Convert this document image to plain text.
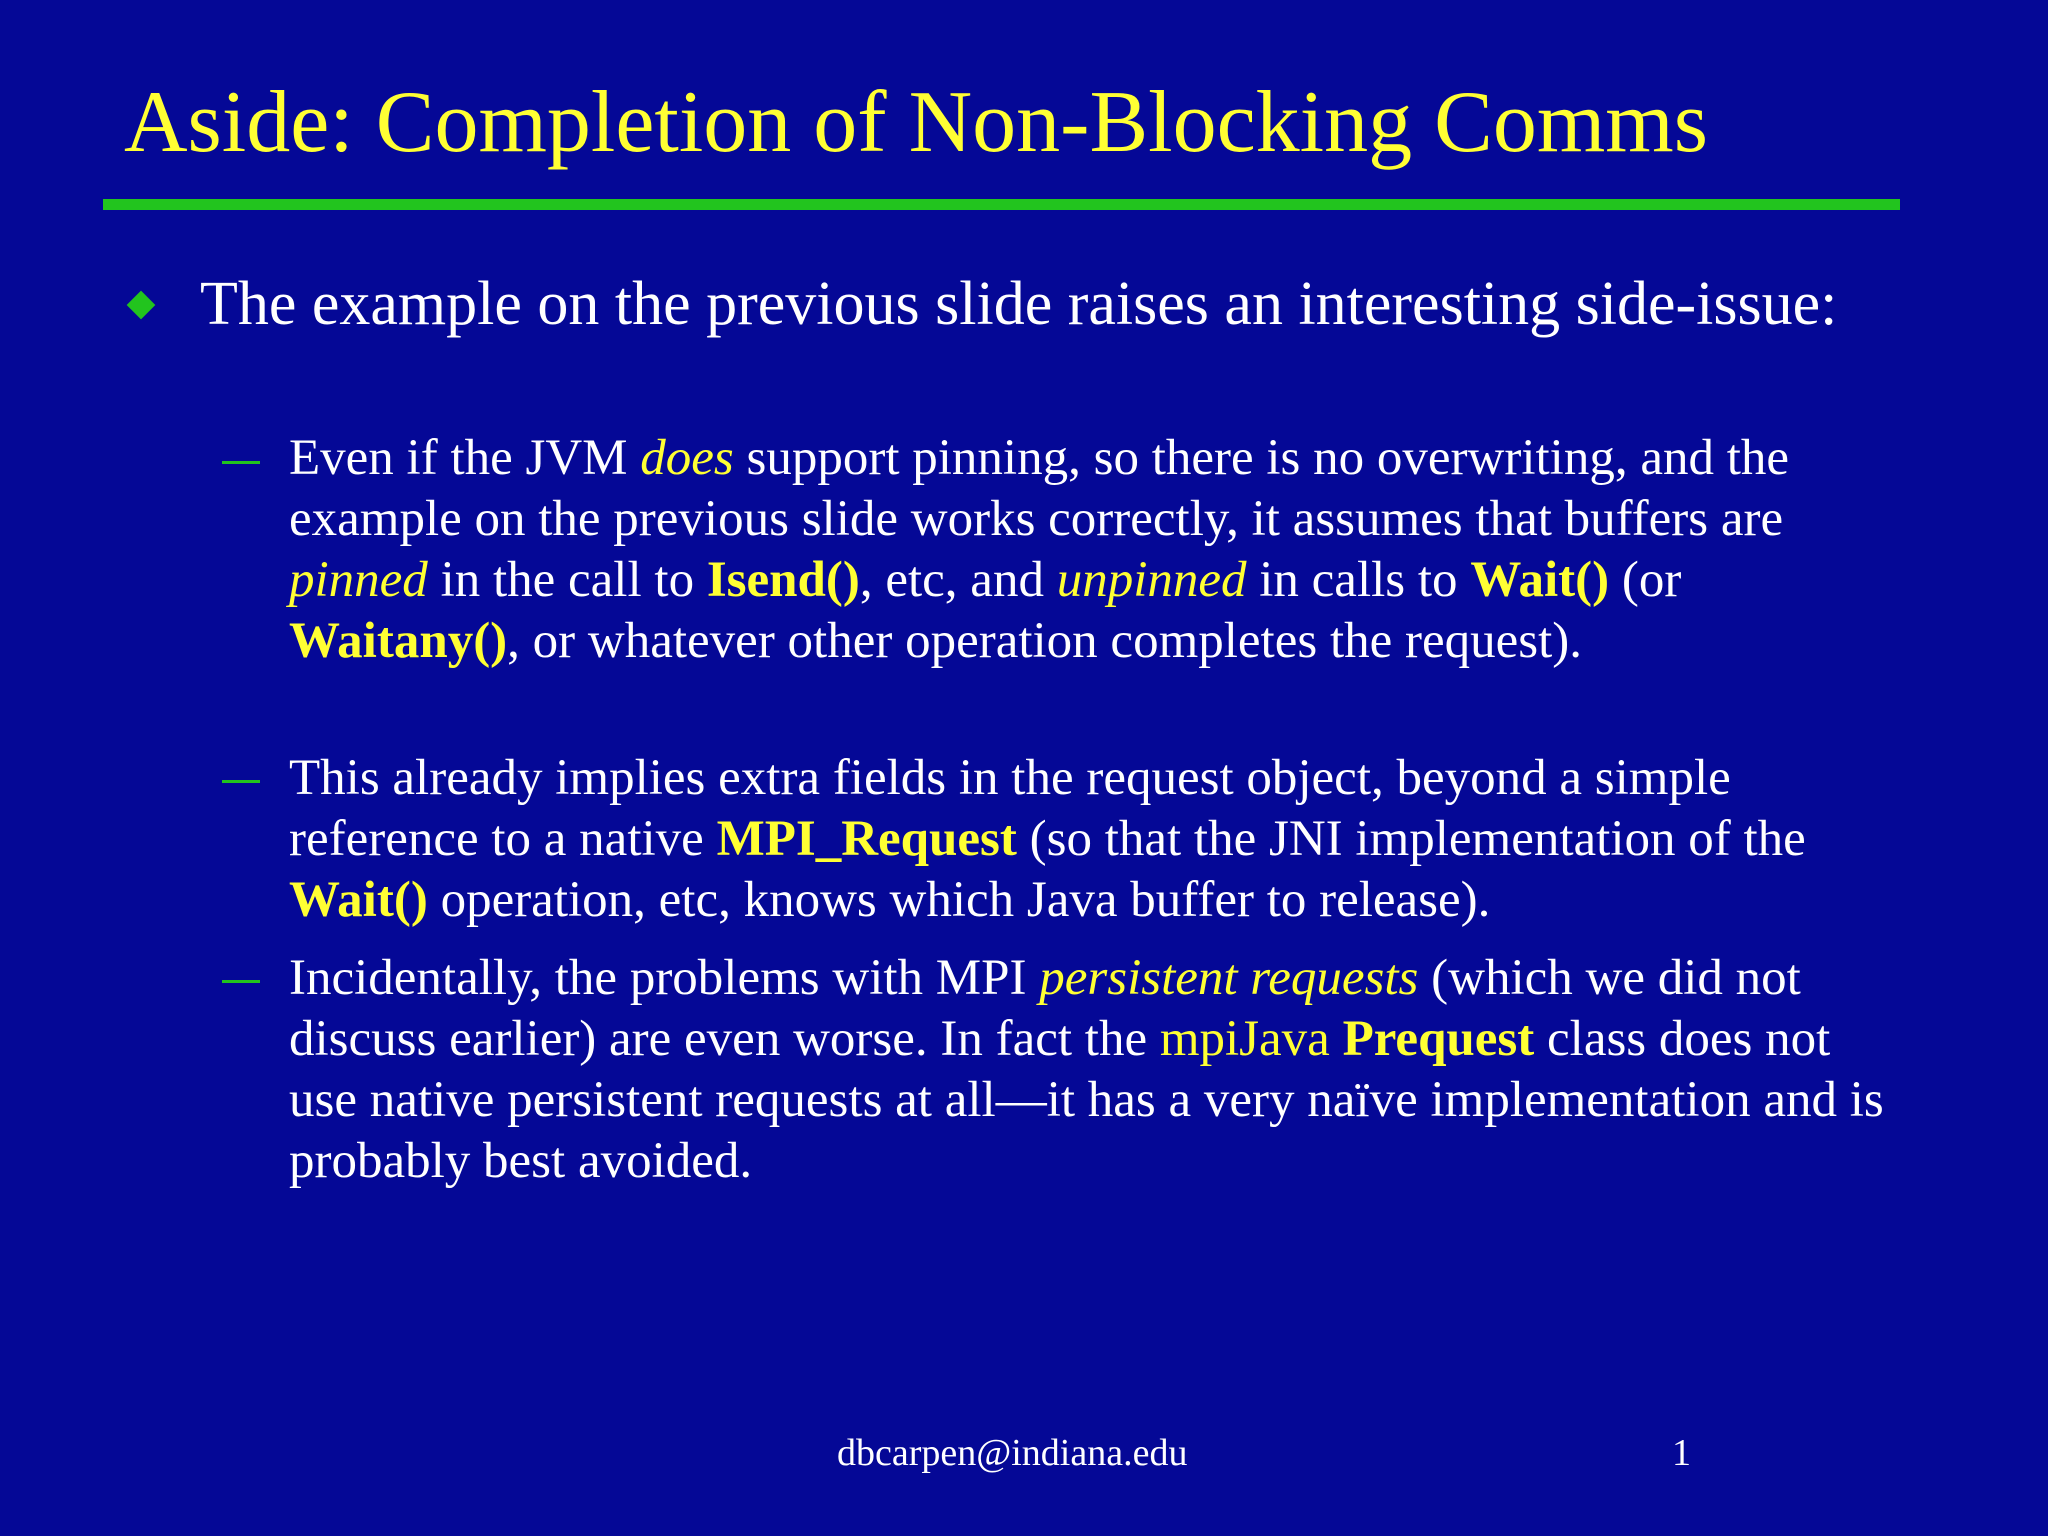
Aside: Completion of Non-Blocking Comms
The example on the previous slide raises an interesting side-issue:
Even if the JVM does support pinning, so there is no overwriting, and the example on the previous slide works correctly, it assumes that buffers are pinned in the call to Isend(), etc, and unpinned in calls to Wait() (or Waitany(), or whatever other operation completes the request).
This already implies extra fields in the request object, beyond a simple reference to a native MPI_Request (so that the JNI implementation of the Wait() operation, etc, knows which Java buffer to release).
Incidentally, the problems with MPI persistent requests (which we did not discuss earlier) are even worse. In fact the mpiJava Prequest class does not use native persistent requests at all—it has a very naïve implementation and is probably best avoided.
dbcarpen@indiana.edu	1
